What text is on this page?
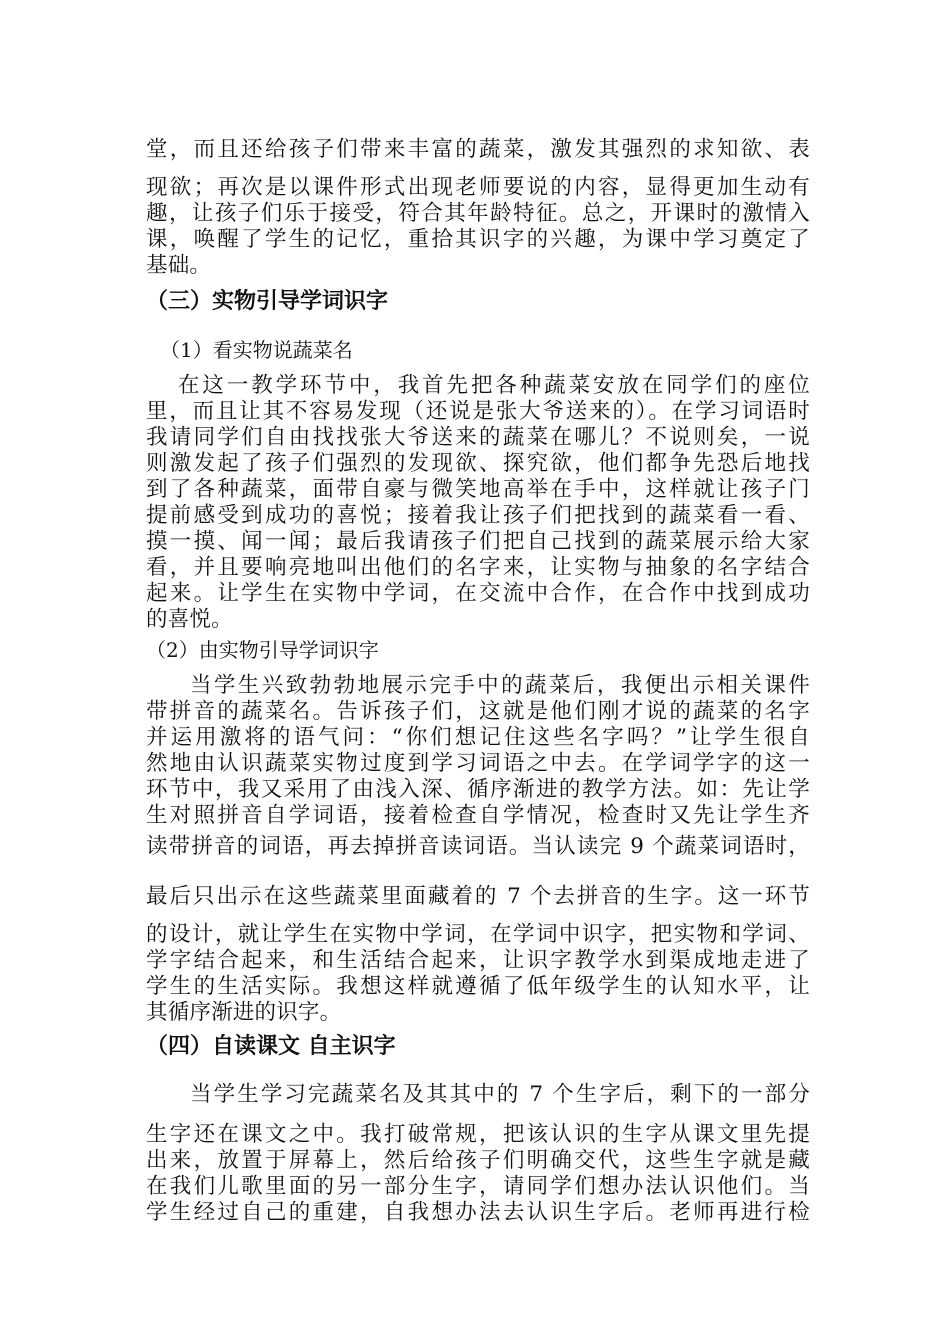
堂，而且还给孩子们带来丰富的蔬菜，激发其强烈的求知欲、表
现欲；再次是以课件形式出现老师要说的内容，显得更加生动有
趣，让孩子们乐于接受，符合其年龄特征。总之，开课时的激情入
课，唤醒了学生的记忆，重拾其识字的兴趣，为课中学习奠定了
基础。
（三）实物引导学词识字
（1）看实物说蔬菜名
在这一教学环节中，我首先把各种蔬菜安放在同学们的座位
里，而且让其不容易发现（还说是张大爷送来的）。在学习词语时
我请同学们自由找找张大爷送来的蔬菜在哪儿？不说则矣，一说
则激发起了孩子们强烈的发现欲、探究欲，他们都争先恐后地找
到了各种蔬菜，面带自豪与微笑地高举在手中，这样就让孩子门
提前感受到成功的喜悦；接着我让孩子们把找到的蔬菜看一看、
摸一摸、闻一闻；最后我请孩子们把自己找到的蔬菜展示给大家
看，并且要响亮地叫出他们的名字来，让实物与抽象的名字结合
起来。让学生在实物中学词，在交流中合作，在合作中找到成功
的喜悦。
（2）由实物引导学词识字
当学生兴致勃勃地展示完手中的蔬菜后，我便出示相关课件
带拼音的蔬菜名。告诉孩子们，这就是他们刚才说的蔬菜的名字
并运用激将的语气问：“你们想记住这些名字吗？”让学生很自
然地由认识蔬菜实物过度到学习词语之中去。在学词学字的这一
环节中，我又采用了由浅入深、循序渐进的教学方法。如：先让学
生对照拼音自学词语，接着检查自学情况，检查时又先让学生齐
读带拼音的词语，再去掉拼音读词语。当认读完 9 个蔬菜词语时，
最后只出示在这些蔬菜里面藏着的 7 个去拼音的生字。这一环节
的设计，就让学生在实物中学词，在学词中识字，把实物和学词、
学字结合起来，和生活结合起来，让识字教学水到渠成地走进了
学生的生活实际。我想这样就遵循了低年级学生的认知水平，让
其循序渐进的识字。
（四）自读课文 自主识字
当学生学习完蔬菜名及其其中的 7 个生字后，剩下的一部分
生字还在课文之中。我打破常规，把该认识的生字从课文里先提
出来，放置于屏幕上，然后给孩子们明确交代，这些生字就是藏
在我们儿歌里面的另一部分生字，请同学们想办法认识他们。当
学生经过自己的重建，自我想办法去认识生字后。老师再进行检
